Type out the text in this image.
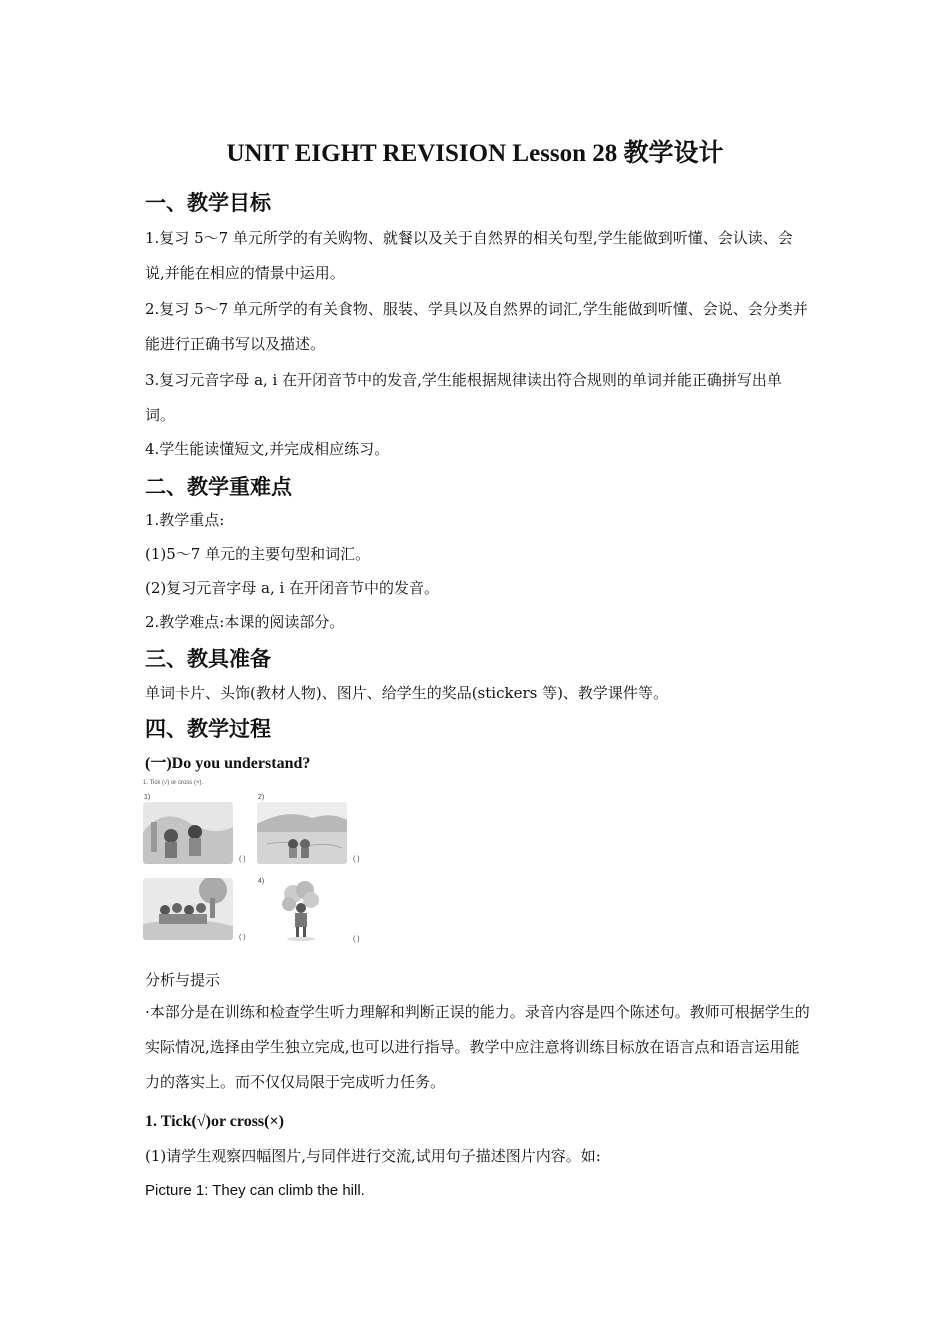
UNIT EIGHT REVISION Lesson 28 教学设计
一、教学目标
1.复习 5～7 单元所学的有关购物、就餐以及关于自然界的相关句型,学生能做到听懂、会认读、会说,并能在相应的情景中运用。
2.复习 5～7 单元所学的有关食物、服装、学具以及自然界的词汇,学生能做到听懂、会说、会分类并能进行正确书写以及描述。
3.复习元音字母 a, i 在开闭音节中的发音,学生能根据规律读出符合规则的单词并能正确拼写出单词。
4.学生能读懂短文,并完成相应练习。
二、教学重难点
1.教学重点:
(1)5～7 单元的主要句型和词汇。
(2)复习元音字母 a, i 在开闭音节中的发音。
2.教学难点:本课的阅读部分。
三、教具准备
单词卡片、头饰(教材人物)、图片、给学生的奖品(stickers 等)、教学课件等。
四、教学过程
(一)Do you understand?
1. Tick (√) or cross (×).
1)
( )
2)
( )
( )
4)
( )
分析与提示
·本部分是在训练和检查学生听力理解和判断正误的能力。录音内容是四个陈述句。教师可根据学生的实际情况,选择由学生独立完成,也可以进行指导。教学中应注意将训练目标放在语言点和语言运用能力的落实上。而不仅仅局限于完成听力任务。
1. Tick(√)or cross(×)
(1)请学生观察四幅图片,与同伴进行交流,试用句子描述图片内容。如:
Picture 1: They can climb the hill.
